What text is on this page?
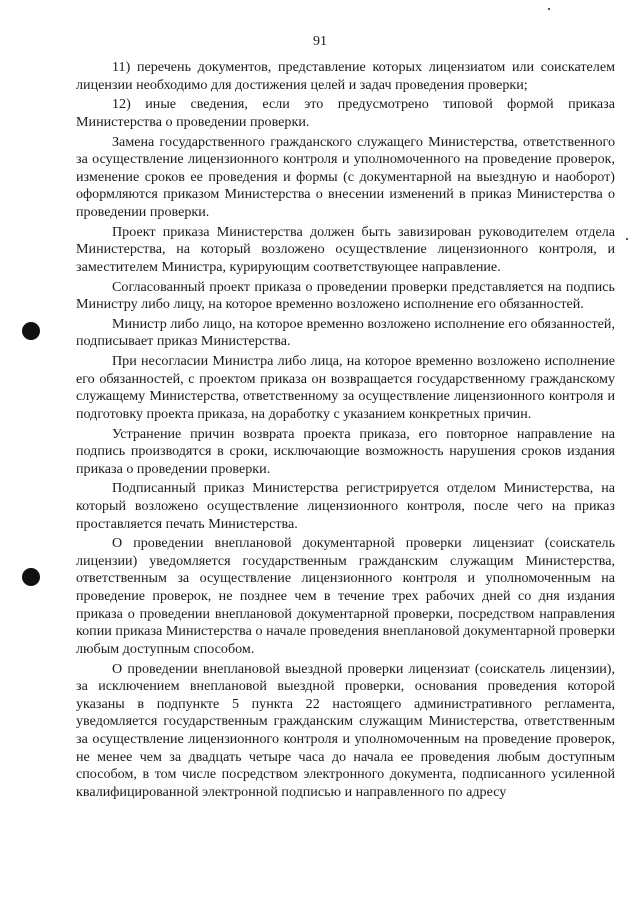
91

11) перечень документов, представление которых лицензиатом или соискателем лицензии необходимо для достижения целей и задач проведения проверки;

12) иные сведения, если это предусмотрено типовой формой приказа Министерства о проведении проверки.

Замена государственного гражданского служащего Министерства, ответственного за осуществление лицензионного контроля и уполномоченного на проведение проверок, изменение сроков ее проведения и формы (с документарной на выездную и наоборот) оформляются приказом Министерства о внесении изменений в приказ Министерства о проведении проверки.

Проект приказа Министерства должен быть завизирован руководителем отдела Министерства, на который возложено осуществление лицензионного контроля, и заместителем Министра, курирующим соответствующее направление.

Согласованный проект приказа о проведении проверки представляется на подпись Министру либо лицу, на которое временно возложено исполнение его обязанностей.

Министр либо лицо, на которое временно возложено исполнение его обязанностей, подписывает приказ Министерства.

При несогласии Министра либо лица, на которое временно возложено исполнение его обязанностей, с проектом приказа он возвращается государственному гражданскому служащему Министерства, ответственному за осуществление лицензионного контроля и подготовку проекта приказа, на доработку с указанием конкретных причин.

Устранение причин возврата проекта приказа, его повторное направление на подпись производятся в сроки, исключающие возможность нарушения сроков издания приказа о проведении проверки.

Подписанный приказ Министерства регистрируется отделом Министерства, на который возложено осуществление лицензионного контроля, после чего на приказ проставляется печать Министерства.

О проведении внеплановой документарной проверки лицензиат (соискатель лицензии) уведомляется государственным гражданским служащим Министерства, ответственным за осуществление лицензионного контроля и уполномоченным на проведение проверок, не позднее чем в течение трех рабочих дней со дня издания приказа о проведении внеплановой документарной проверки, посредством направления копии приказа Министерства о начале проведения внеплановой документарной проверки любым доступным способом.

О проведении внеплановой выездной проверки лицензиат (соискатель лицензии), за исключением внеплановой выездной проверки, основания проведения которой указаны в подпункте 5 пункта 22 настоящего административного регламента, уведомляется государственным гражданским служащим Министерства, ответственным за осуществление лицензионного контроля и уполномоченным на проведение проверок, не менее чем за двадцать четыре часа до начала ее проведения любым доступным способом, в том числе посредством электронного документа, подписанного усиленной квалифицированной электронной подписью и направленного по адресу
